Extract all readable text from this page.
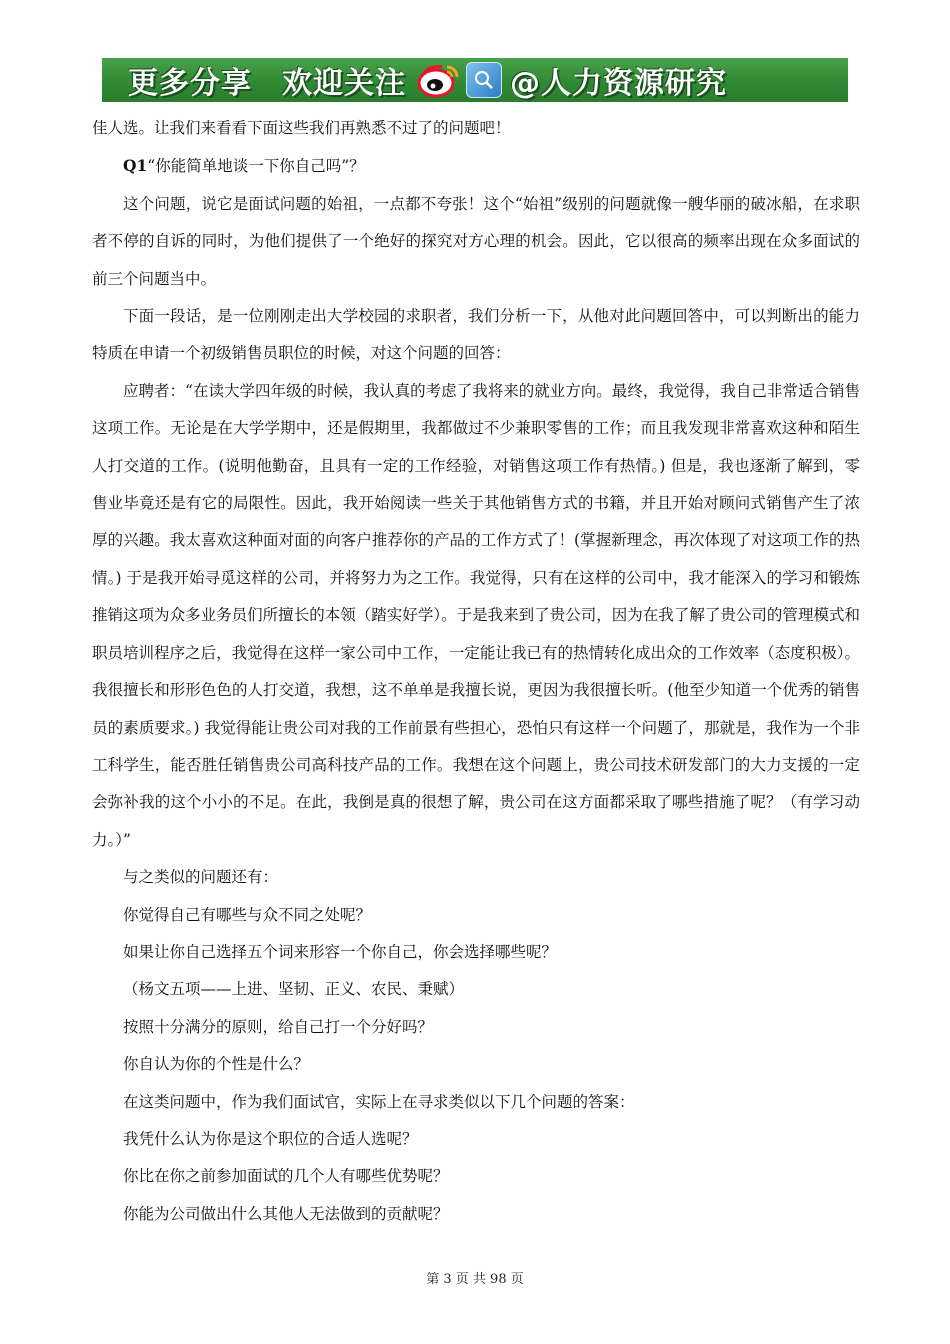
更多分享 欢迎关注	@人力资源研究

佳人选。让我们来看看下面这些我们再熟悉不过了的问题吧！

Q1“你能简单地谈一下你自己吗”？

这个问题，说它是面试问题的始祖，一点都不夸张！这个“始祖”级别的问题就像一艘华丽的破冰船，在求职者不停的自诉的同时，为他们提供了一个绝好的探究对方心理的机会。因此，它以很高的频率出现在众多面试的前三个问题当中。

下面一段话，是一位刚刚走出大学校园的求职者，我们分析一下，从他对此问题回答中，可以判断出的能力特质在申请一个初级销售员职位的时候，对这个问题的回答：

应聘者：“在读大学四年级的时候，我认真的考虑了我将来的就业方向。最终，我觉得，我自己非常适合销售这项工作。无论是在大学学期中，还是假期里，我都做过不少兼职零售的工作；而且我发现非常喜欢这种和陌生人打交道的工作。(说明他勤奋，且具有一定的工作经验，对销售这项工作有热情。) 但是，我也逐渐了解到，零售业毕竟还是有它的局限性。因此，我开始阅读一些关于其他销售方式的书籍，并且开始对顾问式销售产生了浓厚的兴趣。我太喜欢这种面对面的向客户推荐你的产品的工作方式了！(掌握新理念，再次体现了对这项工作的热情。) 于是我开始寻觅这样的公司，并将努力为之工作。我觉得，只有在这样的公司中，我才能深入的学习和锻炼推销这项为众多业务员们所擅长的本领（踏实好学）。于是我来到了贵公司，因为在我了解了贵公司的管理模式和职员培训程序之后，我觉得在这样一家公司中工作，一定能让我已有的热情转化成出众的工作效率（态度积极）。我很擅长和形形色色的人打交道，我想，这不单单是我擅长说，更因为我很擅长听。(他至少知道一个优秀的销售员的素质要求。) 我觉得能让贵公司对我的工作前景有些担心，恐怕只有这样一个问题了，那就是，我作为一个非工科学生，能否胜任销售贵公司高科技产品的工作。我想在这个问题上，贵公司技术研发部门的大力支援的一定会弥补我的这个小小的不足。在此，我倒是真的很想了解，贵公司在这方面都采取了哪些措施了呢？（有学习动力。）”

与之类似的问题还有：

你觉得自己有哪些与众不同之处呢？

如果让你自己选择五个词来形容一个你自己，你会选择哪些呢？

（杨文五项——上进、坚韧、正义、农民、秉赋）

按照十分满分的原则，给自己打一个分好吗？

你自认为你的个性是什么？

在这类问题中，作为我们面试官，实际上在寻求类似以下几个问题的答案：

我凭什么认为你是这个职位的合适人选呢？

你比在你之前参加面试的几个人有哪些优势呢？

你能为公司做出什么其他人无法做到的贡献呢？

第 3 页 共 98 页
